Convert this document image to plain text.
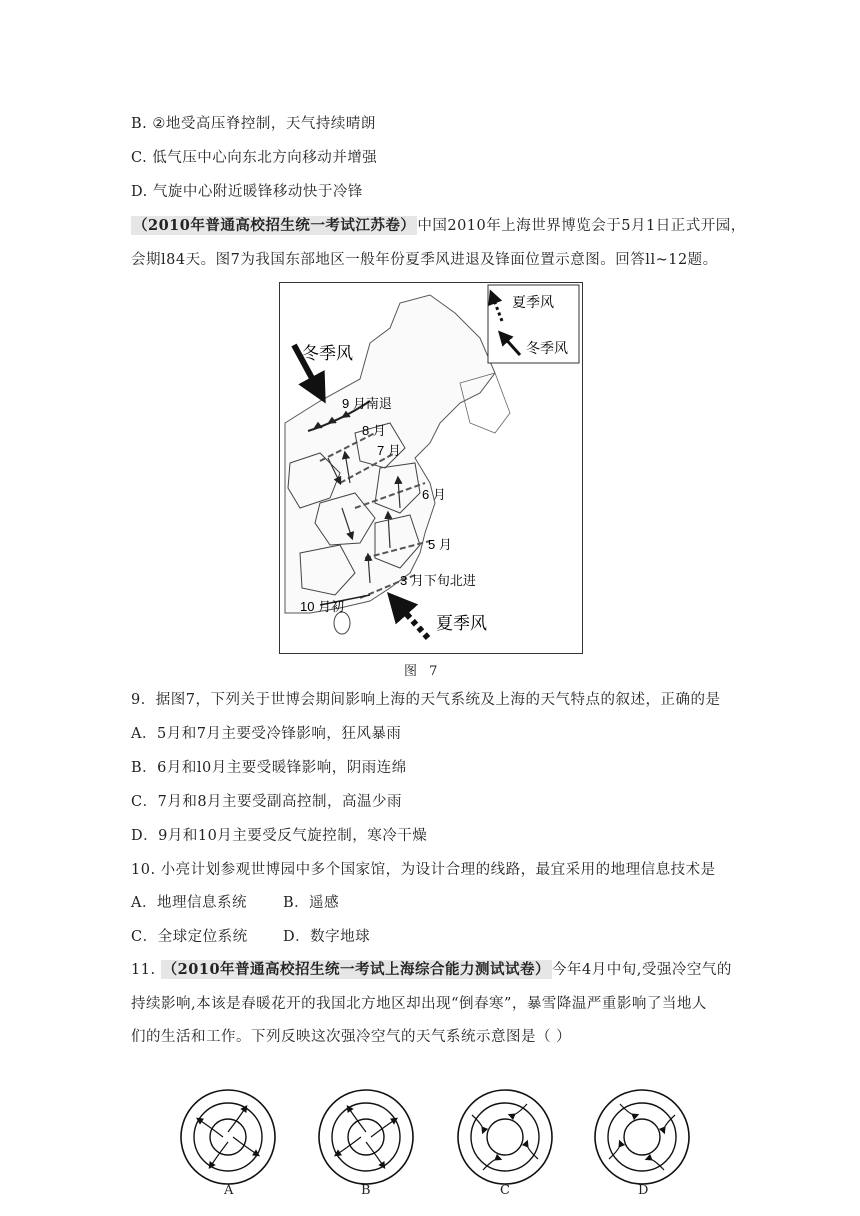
B. ②地受高压脊控制，天气持续晴朗
C. 低气压中心向东北方向移动并增强
D. 气旋中心附近暖锋移动快于冷锋
（2010年普通高校招生统一考试江苏卷） 中国2010年上海世界博览会于5月1日正式开园，
会期l84天。图7为我国东部地区一般年份夏季风进退及锋面位置示意图。回答ll~12题。
夏季风
冬季风
冬季风
夏季风
9 月南退
8 月
7 月
6 月
5 月
3 月下旬北进
10 月初
图 7
9．据图7，下列关于世博会期间影响上海的天气系统及上海的天气特点的叙述，正确的是
A．5月和7月主要受冷锋影响，狂风暴雨
B．6月和l0月主要受暖锋影响，阴雨连绵
C．7月和8月主要受副高控制，高温少雨
D．9月和10月主要受反气旋控制，寒冷干燥
10. 小亮计划参观世博园中多个国家馆，为设计合理的线路，最宜采用的地理信息技术是
A．地理信息系统 B．遥感
C．全球定位系统 D．数字地球
11. （2010年普通高校招生统一考试上海综合能力测试试卷） 今年4月中旬,受强冷空气的
持续影响,本该是春暖花开的我国北方地区却出现“倒春寒”，暴雪降温严重影响了当地人
们的生活和工作。下列反映这次强冷空气的天气系统示意图是（ ）
A	B	C	D
